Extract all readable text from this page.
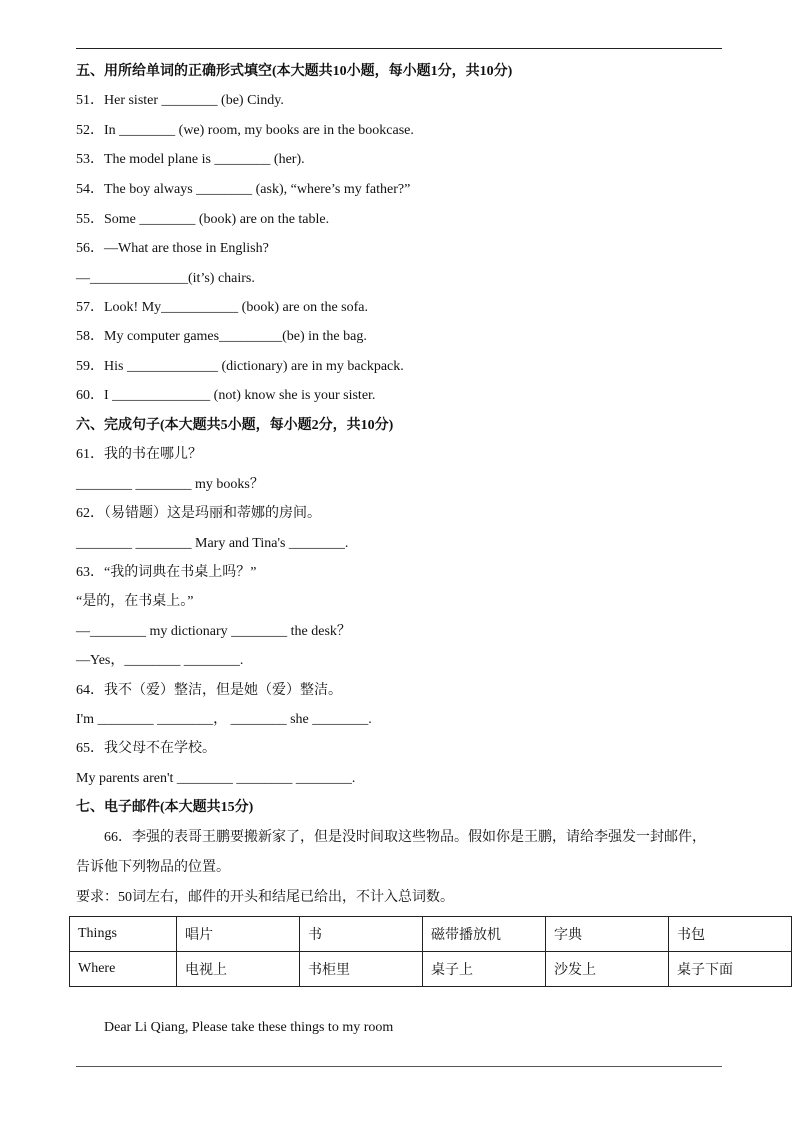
五、用所给单词的正确形式填空(本大题共10小题，每小题1分，共10分)
51．Her sister ________ (be) Cindy.
52．In ________ (we) room, my books are in the bookcase.
53．The model plane is ________ (her).
54．The boy always ________ (ask), “where’s my father?”
55．Some ________ (book) are on the table.
56．—What are those in English?
—______________(it’s) chairs.
57．Look! My___________ (book) are on the sofa.
58．My computer games_________(be) in the bag.
59．His _____________ (dictionary) are in my backpack.
60．I ______________ (not) know she is your sister.
六、完成句子(本大题共5小题，每小题2分，共10分)
61．我的书在哪儿？
________ ________ my books？
62．（易错题）这是玛丽和蒂娜的房间。
________ ________ Mary and Tina's ________.
63．“我的词典在书桌上吗？”
“是的，在书桌上。”
—________ my dictionary ________ the desk？
—Yes，________ ________.
64．我不（爱）整洁，但是她（爱）整洁。
I'm ________ ________， ________ she ________.
65．我父母不在学校。
My parents aren't ________ ________ ________.
七、电子邮件(本大题共15分)
66．李强的表哥王鹏要搬新家了，但是没时间取这些物品。假如你是王鹏，请给李强发一封邮件，
告诉他下列物品的位置。
要求：50词左右，邮件的开头和结尾已给出，不计入总词数。
Things	唱片	书	磁带播放机	字典	书包
Where	电视上	书柜里	桌子上	沙发上	桌子下面
Dear Li Qiang, Please take these things to my room
